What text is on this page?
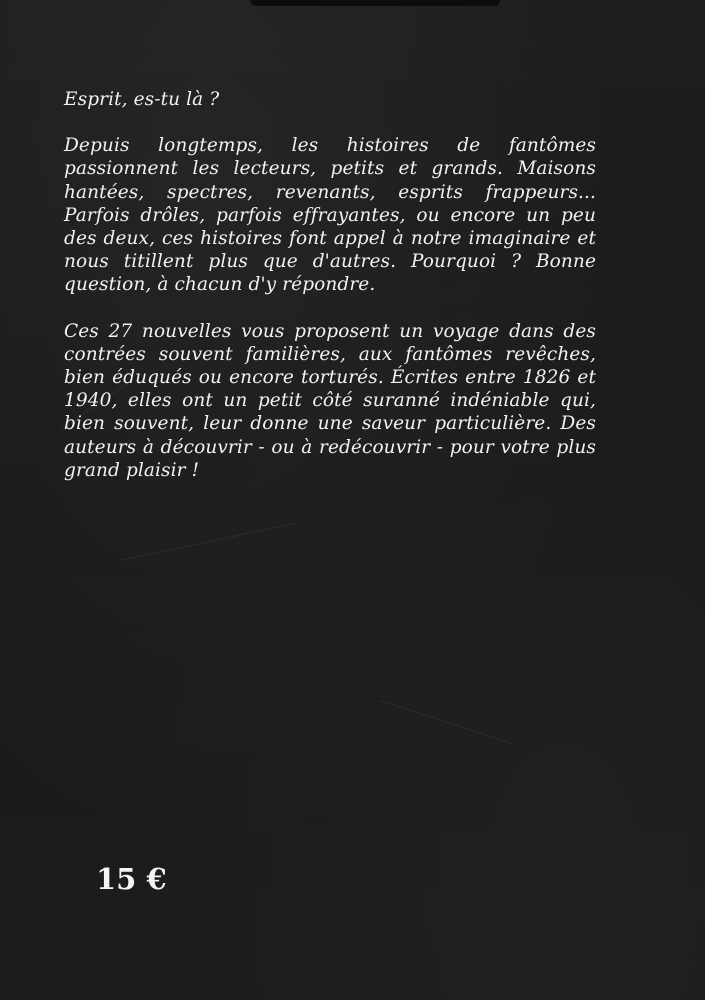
Esprit, es-tu là ?

Depuis longtemps, les histoires de fantômes passionnent les lecteurs, petits et grands. Maisons hantées, spectres, revenants, esprits frappeurs... Parfois drôles, parfois effrayantes, ou encore un peu des deux, ces histoires font appel à notre imaginaire et nous titillent plus que d'autres. Pourquoi ? Bonne question, à chacun d'y répondre.

Ces 27 nouvelles vous proposent un voyage dans des contrées souvent familières, aux fantômes revêches, bien éduqués ou encore torturés. Écrites entre 1826 et 1940, elles ont un petit côté suranné indéniable qui, bien souvent, leur donne une saveur particulière. Des auteurs à découvrir - ou à redécouvrir - pour votre plus grand plaisir !

15 €
